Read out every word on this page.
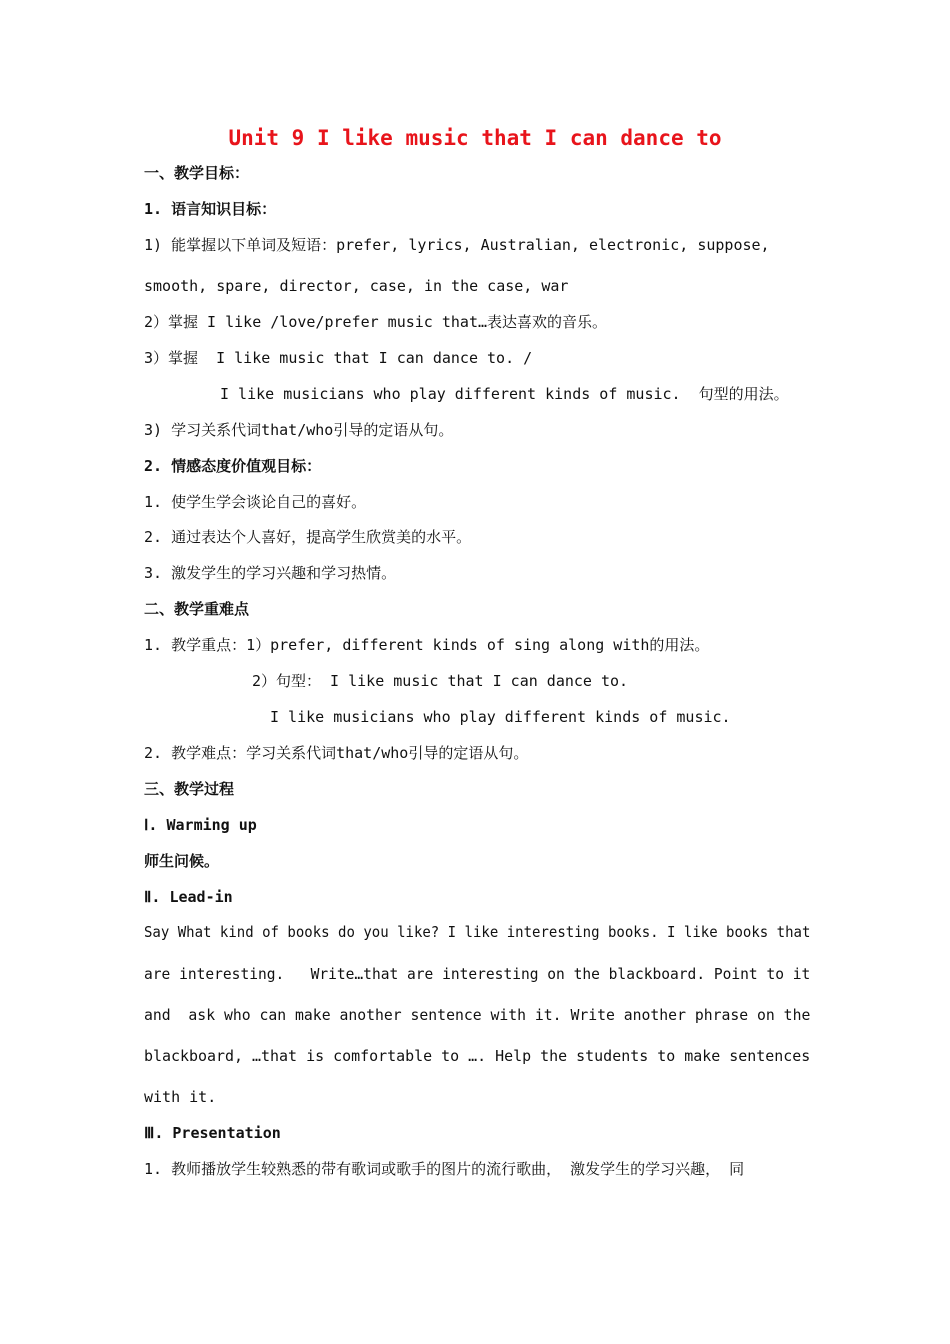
Unit 9 I like music that I can dance to
一、教学目标：
1. 语言知识目标：
1) 能掌握以下单词及短语：prefer, lyrics, Australian, electronic, suppose,
smooth, spare, director, case, in the case, war
2）掌握 I like /love/prefer music that…表达喜欢的音乐。
3）掌握  I like music that I can dance to. /
I like musicians who play different kinds of music.  句型的用法。
3) 学习关系代词that/who引导的定语从句。
2. 情感态度价值观目标：
1. 使学生学会谈论自己的喜好。
2. 通过表达个人喜好，提高学生欣赏美的水平。
3. 激发学生的学习兴趣和学习热情。
二、教学重难点
1. 教学重点：1）prefer, different kinds of sing along with的用法。
2）句型： I like music that I can dance to.
I like musicians who play different kinds of music.
2. 教学难点：学习关系代词that/who引导的定语从句。
三、教学过程
Ⅰ. Warming up
师生问候。
Ⅱ. Lead-in
Say What kind of books do you like? I like interesting books. I like books that
are interesting.   Write…that are interesting on the blackboard. Point to it
and  ask who can make another sentence with it. Write another phrase on the
blackboard, …that is comfortable to …. Help the students to make sentences
with it.
Ⅲ. Presentation
1. 教师播放学生较熟悉的带有歌词或歌手的图片的流行歌曲， 激发学生的学习兴趣， 同
